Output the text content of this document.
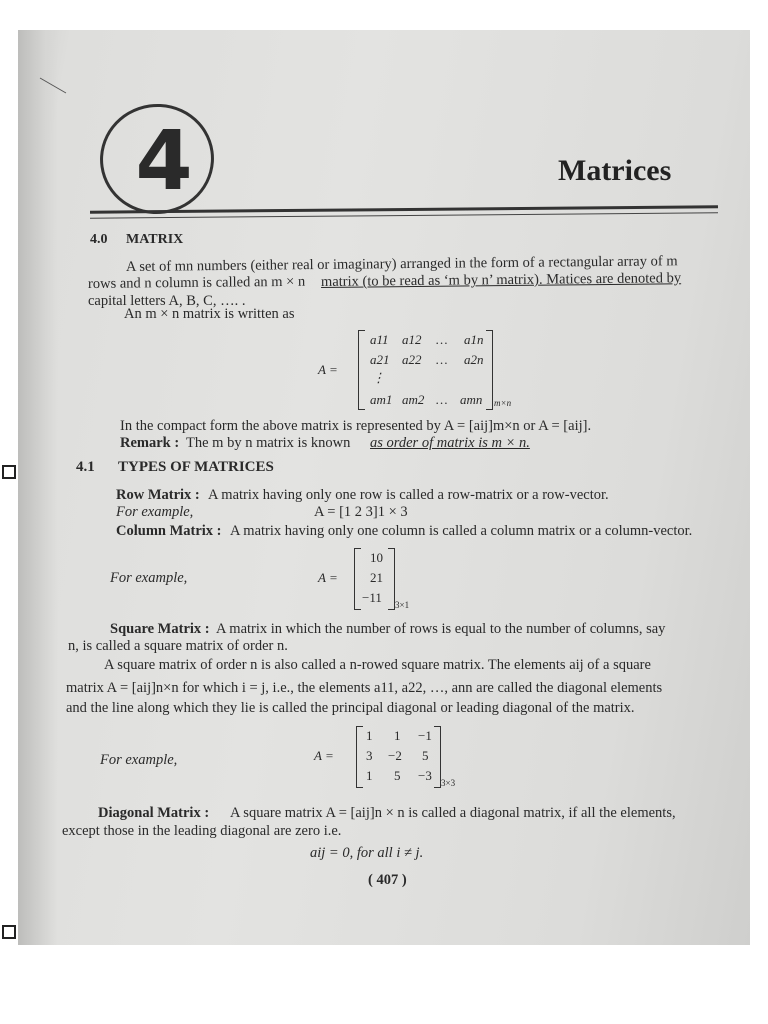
4	Matrices
4.0 MATRIX
A set of mn numbers (either real or imaginary) arranged in the form of a rectangular array of m
rows and n column is called an m × n matrix (to be read as ‘m by n’ matrix). Matices are denoted by
capital letters A, B, C, …. .
An m × n matrix is written as
A =
a11 a12 … a1n
a21 a22 … a2n
⋮
am1 am2 … amn m×n
In the compact form the above matrix is represented by A = [aij]m×n or A = [aij].
Remark : The m by n matrix is known as order of matrix is m × n.
4.1 TYPES OF MATRICES
Row Matrix : A matrix having only one row is called a row-matrix or a row-vector.
For example,	A = [1 2 3]1 × 3
Column Matrix : A matrix having only one column is called a column matrix or a column-vector.
For example,	A =
10
21
−11 3×1
Square Matrix : A matrix in which the number of rows is equal to the number of columns, say
n, is called a square matrix of order n.
A square matrix of order n is also called a n-rowed square matrix. The elements aij of a square
matrix A = [aij]n×n for which i = j, i.e., the elements a11, a22, …, ann are called the diagonal elements
and the line along which they lie is called the principal diagonal or leading diagonal of the matrix.
For example,	A =
1 1 −1
3 −2 5
1 5 −3 3×3
Diagonal Matrix : A square matrix A = [aij]n × n is called a diagonal matrix, if all the elements,
except those in the leading diagonal are zero i.e.
aij = 0, for all i ≠ j.
( 407 )
